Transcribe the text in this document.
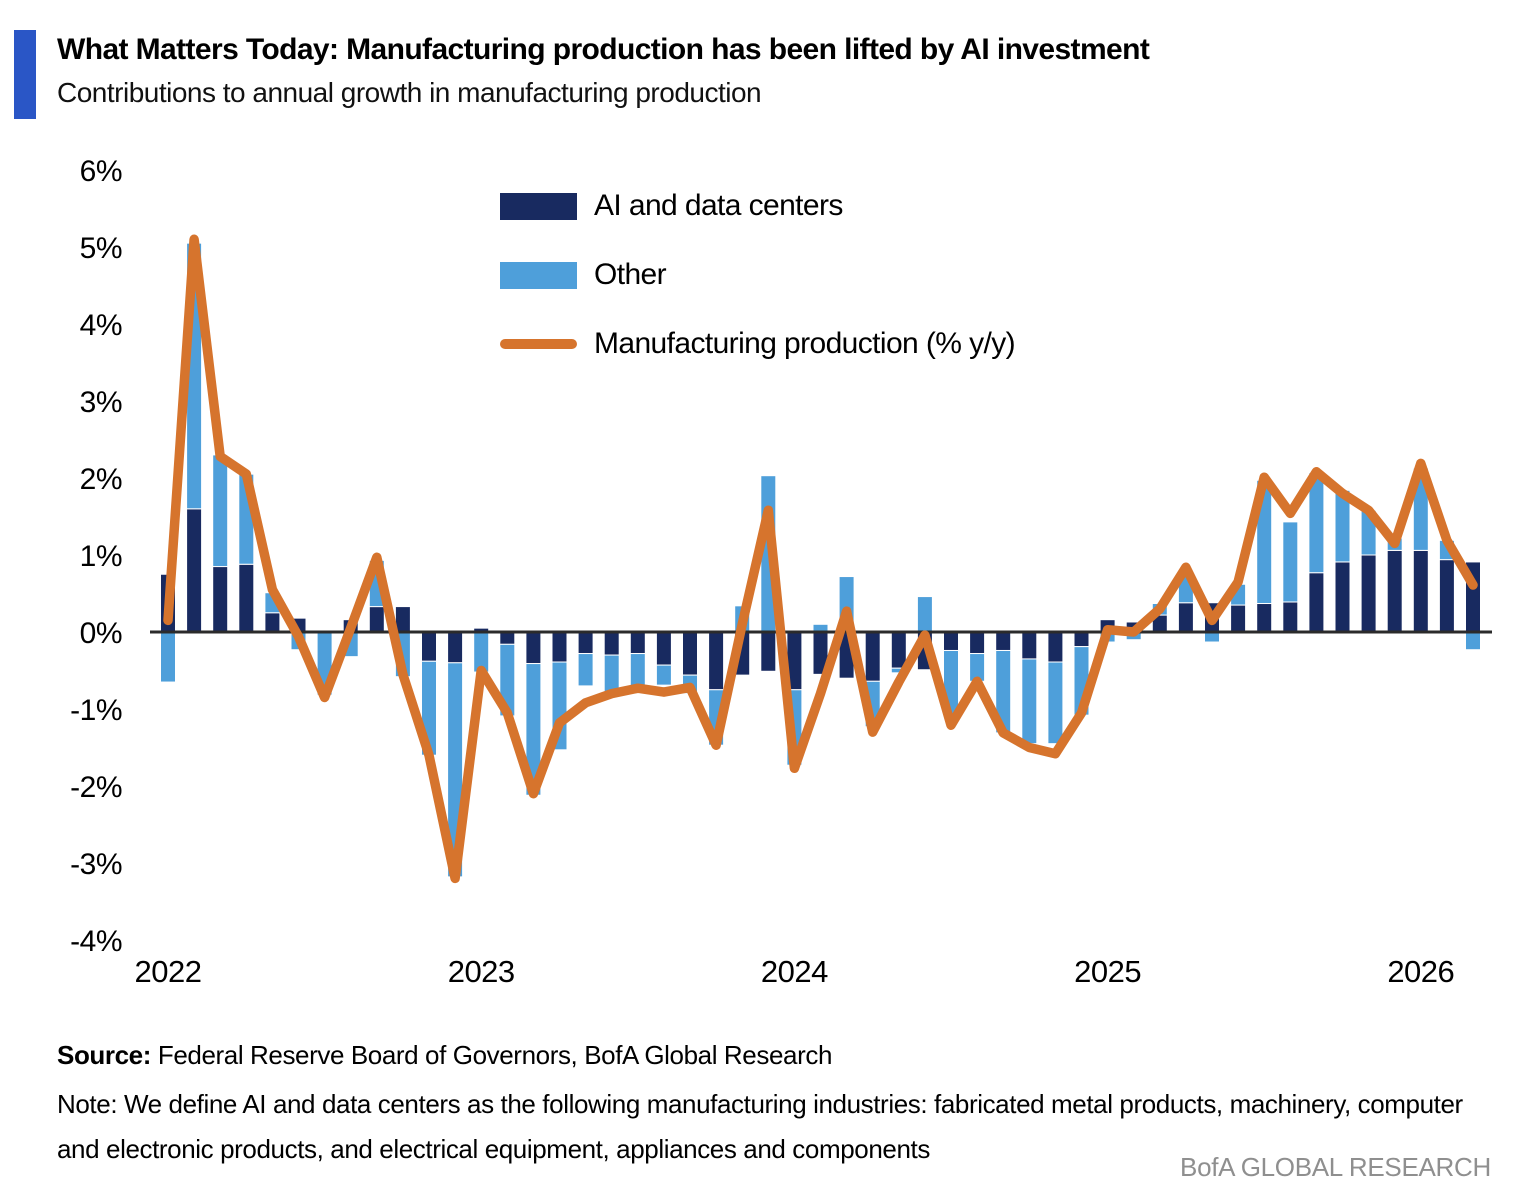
What Matters Today: Manufacturing production has been lifted by AI investment
Contributions to annual growth in manufacturing production
6%
5%
4%
3%
2%
1%
0%
-1%
-2%
-3%
-4%
2022	2023	2024	2025	2026
AI and data centers
Other
Manufacturing production (% y/y)
Source: Federal Reserve Board of Governors, BofA Global Research
Note: We define AI and data centers as the following manufacturing industries: fabricated metal products, machinery, computer and electronic products, and electrical equipment, appliances and components
BofA GLOBAL RESEARCH
